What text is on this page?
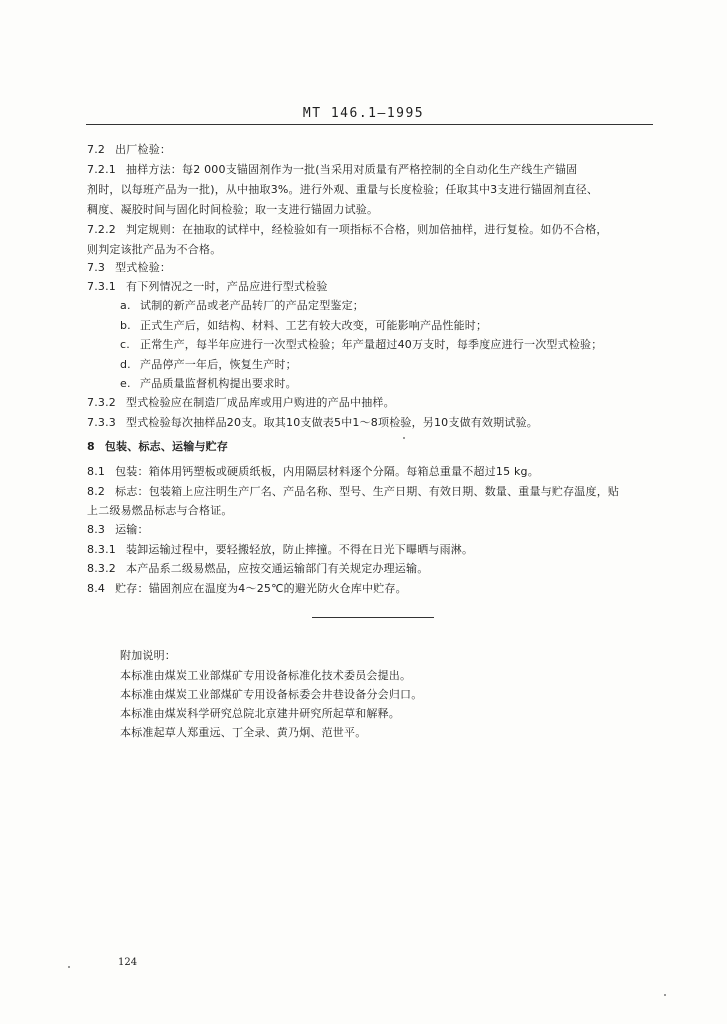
MT 146.1—1995
7.2 出厂检验：
7.2.1 抽样方法：每2 000支锚固剂作为一批(当采用对质量有严格控制的全自动化生产线生产锚固
剂时，以每班产品为一批)，从中抽取3%。进行外观、重量与长度检验；任取其中3支进行锚固剂直径、
稠度、凝胶时间与固化时间检验；取一支进行锚固力试验。
7.2.2 判定规则：在抽取的试样中，经检验如有一项指标不合格，则加倍抽样，进行复检。如仍不合格，
则判定该批产品为不合格。
7.3 型式检验：
7.3.1 有下列情况之一时，产品应进行型式检验
a. 试制的新产品或老产品转厂的产品定型鉴定；
b. 正式生产后，如结构、材料、工艺有较大改变，可能影响产品性能时；
c. 正常生产，每半年应进行一次型式检验；年产量超过40万支时，每季度应进行一次型式检验；
d. 产品停产一年后，恢复生产时；
e. 产品质量监督机构提出要求时。
7.3.2 型式检验应在制造厂成品库或用户购进的产品中抽样。
7.3.3 型式检验每次抽样品20支。取其10支做表5中1～8项检验，另10支做有效期试验。
8 包装、标志、运输与贮存
8.1 包装：箱体用钙塑板或硬质纸板，内用隔层材料逐个分隔。每箱总重量不超过15 kg。
8.2 标志：包装箱上应注明生产厂名、产品名称、型号、生产日期、有效日期、数量、重量与贮存温度，贴
上二级易燃品标志与合格证。
8.3 运输：
8.3.1 装卸运输过程中，要轻搬轻放，防止摔撞。不得在日光下曝晒与雨淋。
8.3.2 本产品系二级易燃品，应按交通运输部门有关规定办理运输。
8.4 贮存：锚固剂应在温度为4～25℃的避光防火仓库中贮存。
附加说明：
本标准由煤炭工业部煤矿专用设备标准化技术委员会提出。
本标准由煤炭工业部煤矿专用设备标委会井巷设备分会归口。
本标准由煤炭科学研究总院北京建井研究所起草和解释。
本标准起草人郑重远、丁全录、黄乃炯、范世平。
124
